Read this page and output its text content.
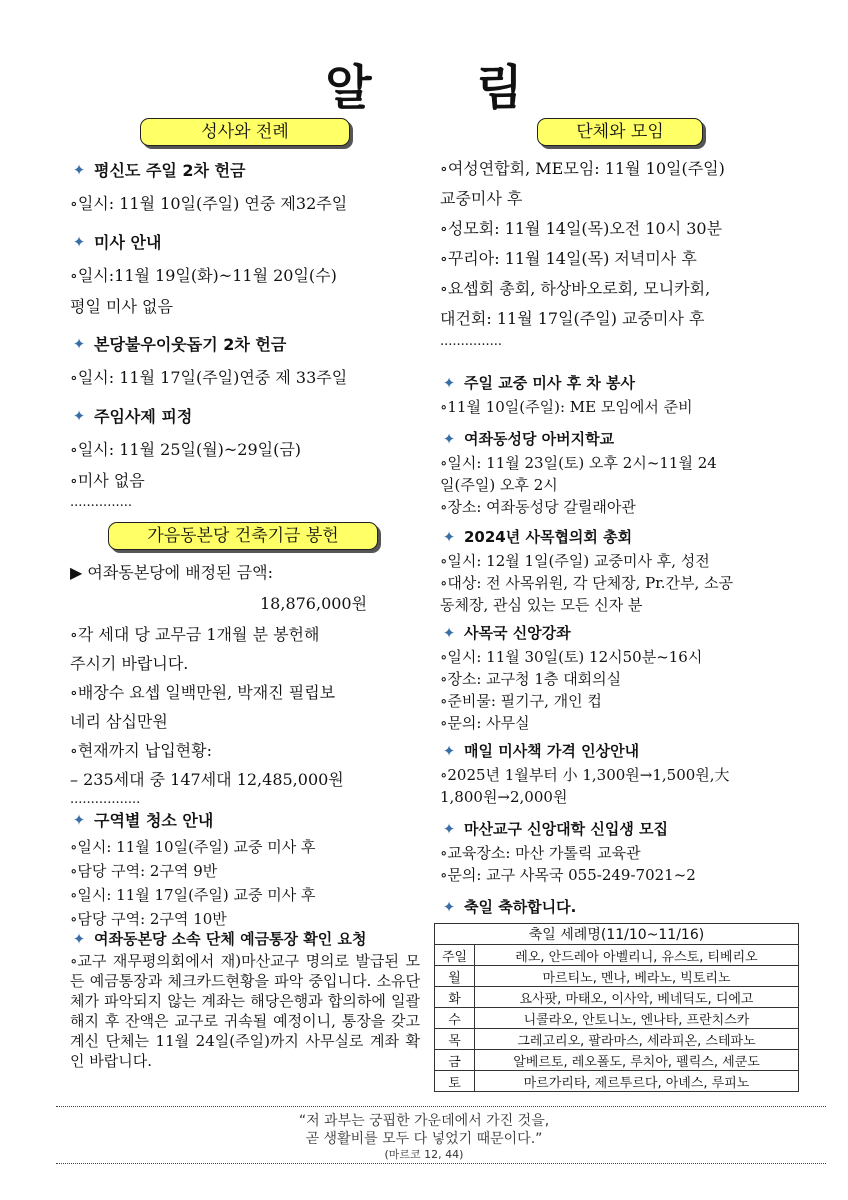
알 림
성사와 전례
✦ 평신도 주일 2차 헌금
∘일시: 11월 10일(주일) 연중 제32주일
✦ 미사 안내
∘일시:11월 19일(화)~11월 20일(수)
평일 미사 없음
✦ 본당불우이웃돕기 2차 헌금
∘일시: 11월 17일(주일)연중 제 33주일
✦ 주임사제 피정
∘일시: 11월 25일(월)~29일(금)
∘미사 없음
...............
가음동본당 건축기금 봉헌
▶ 여좌동본당에 배정된 금액:
18,876,000원
∘각 세대 당 교무금 1개월 분 봉헌해
주시기 바랍니다.
∘배장수 요셉 일백만원, 박재진 필립보
네리 삼십만원
∘현재까지 납입현황:
– 235세대 중 147세대 12,485,000원
.................
✦ 구역별 청소 안내
∘일시: 11월 10일(주일) 교중 미사 후
∘담당 구역: 2구역 9반
∘일시: 11월 17일(주일) 교중 미사 후
∘담당 구역: 2구역 10반
✦ 여좌동본당 소속 단체 예금통장 확인 요청
∘교구 재무평의회에서 재)마산교구 명의로 발급된 모든 예금통장과 체크카드현황을 파악 중입니다. 소유단체가 파악되지 않는 계좌는 해당은행과 합의하에 일괄 해지 후 잔액은 교구로 귀속될 예정이니, 통장을 갖고 계신 단체는 11월 24일(주일)까지 사무실로 계좌 확인 바랍니다.
단체와 모임
∘여성연합회, ME모임: 11월 10일(주일)
교중미사 후
∘성모회: 11월 14일(목)오전 10시 30분
∘꾸리아: 11월 14일(목) 저녁미사 후
∘요셉회 총회, 하상바오로회, 모니카회,
대건회: 11월 17일(주일) 교중미사 후
...............
✦ 주일 교중 미사 후 차 봉사
∘11월 10일(주일): ME 모임에서 준비
✦ 여좌동성당 아버지학교
∘일시: 11월 23일(토) 오후 2시~11월 24
일(주일) 오후 2시
∘장소: 여좌동성당 갈릴래아관
✦ 2024년 사목협의회 총회
∘일시: 12월 1일(주일) 교중미사 후, 성전
∘대상: 전 사목위원, 각 단체장, Pr.간부, 소공
동체장, 관심 있는 모든 신자 분
✦ 사목국 신앙강좌
∘일시: 11월 30일(토) 12시50분~16시
∘장소: 교구청 1층 대회의실
∘준비물: 필기구, 개인 컵
∘문의: 사무실
✦ 매일 미사책 가격 인상안내
∘2025년 1월부터 小 1,300원→1,500원,大
1,800원→2,000원
✦ 마산교구 신앙대학 신입생 모집
∘교육장소: 마산 가톨릭 교육관
∘문의: 교구 사목국 055-249-7021~2
✦ 축일 축하합니다.
축일 세례명(11/10~11/16)	
주일	레오, 안드레아 아벨리니, 유스토, 티베리오
월	마르티노, 멘나, 베라노, 빅토리노
화	요사팟, 마태오, 이사악, 베네딕도, 디에고
수	니콜라오, 안토니노, 엔나타, 프란치스카
목	그레고리오, 팔라마스, 세라피온, 스테파노
금	알베르토, 레오폴도, 루치아, 펠릭스, 세쿤도
토	마르가리타, 제르투르다, 아녜스, 루피노
“저 과부는 궁핍한 가운데에서 가진 것을,
곧 생활비를 모두 다 넣었기 때문이다.”
(마르코 12, 44)
